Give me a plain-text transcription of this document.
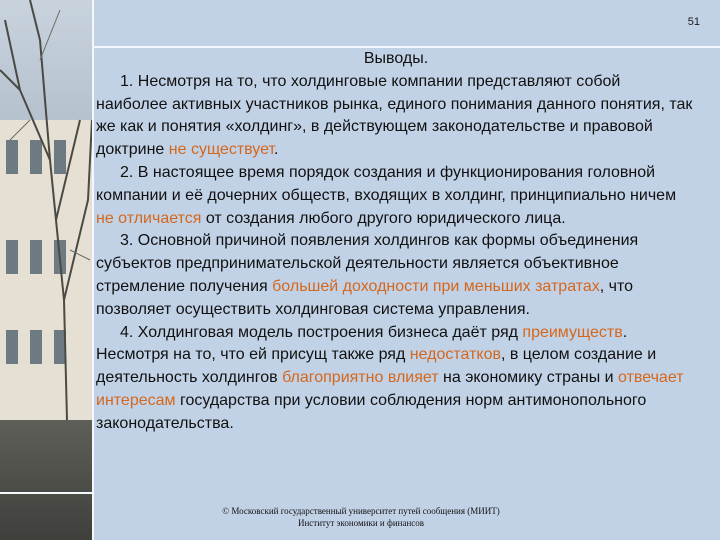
51

Выводы.

1. Несмотря на то, что холдинговые компании представляют собой наиболее активных участников рынка, единого понимания данного понятия, так же как и понятия «холдинг», в действующем законодательстве и правовой доктрине не существует.

2. В настоящее время порядок создания и функционирования головной компании и её дочерних обществ, входящих в холдинг, принципиально ничем не отличается от создания любого другого юридического лица.

3. Основной причиной появления холдингов как формы объединения субъектов предпринимательской деятельности является объективное стремление получения большей доходности при меньших затратах, что позволяет осуществить холдинговая система управления.

4. Холдинговая модель построения бизнеса даёт ряд преимуществ. Несмотря на то, что ей присущ также ряд недостатков, в целом создание и деятельность холдингов благоприятно влияет на экономику страны и отвечает интересам государства при условии соблюдения норм антимонопольного законодательства.

© Московский государственный университет путей сообщения (МИИТ)
Институт экономики и финансов
